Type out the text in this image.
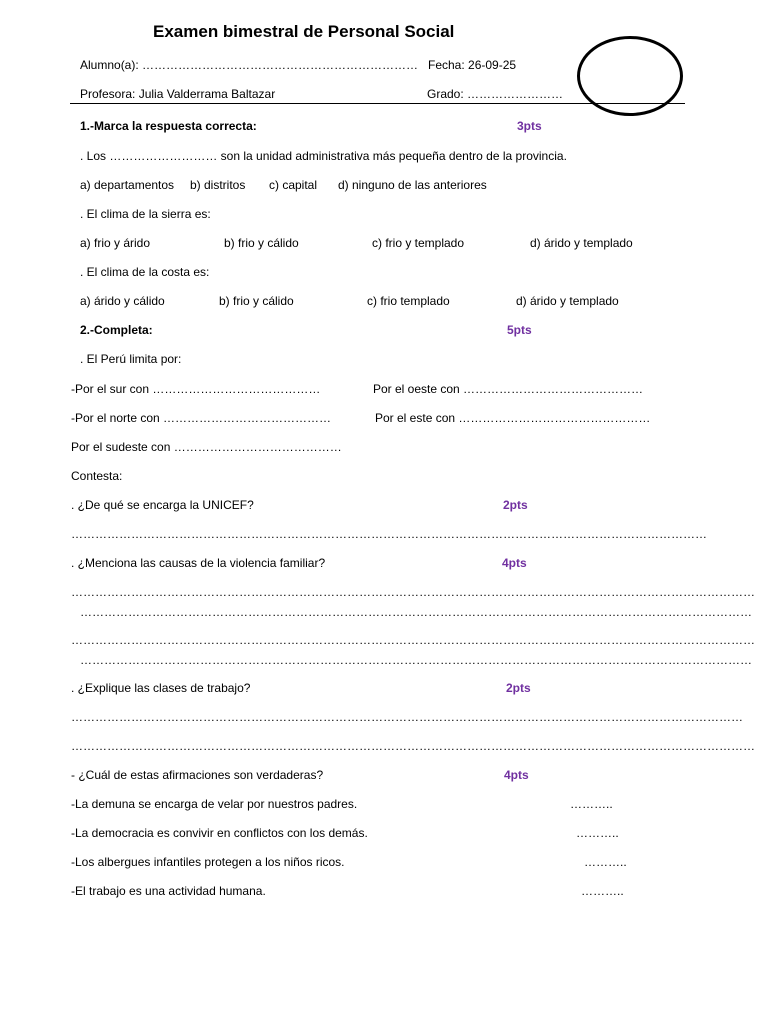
Examen bimestral de Personal Social
Alumno(a): …………………………………………………………… Fecha: 26-09-25
Profesora: Julia Valderrama Baltazar	Grado: ……………………
1.-Marca la respuesta correcta:	3pts
. Los ……………………… son la unidad administrativa más pequeña dentro de la provincia.
a) departamentos b) distritos c) capital d) ninguno de las anteriores
. El clima de la sierra es:
a) frio y árido	b) frio y cálido	c) frio y templado	d) árido y templado
. El clima de la costa es:
a) árido y cálido	b) frio y cálido	c) frio templado	d) árido y templado
2.-Completa:	5pts
. El Perú limita por:
-Por el sur con ……………………………………	Por el oeste con ………………………………………
-Por el norte con ……………………………………	Por el este con …………………………………………
Por el sudeste con ……………………………………
Contesta:
. ¿De qué se encarga la UNICEF?	2pts
……………………………………………………………………………………………………………………………………………
. ¿Menciona las causas de la violencia familiar?	4pts
………………………………………………………………………………………………………………………………………………………
……………………………………………………………………………………………………………………………………………………
………………………………………………………………………………………………………………………………………………………
……………………………………………………………………………………………………………………………………………………
. ¿Explique las clases de trabajo?	2pts
……………………………………………………………………………………………………………………………………………………
………………………………………………………………………………………………………………………………………………………
- ¿Cuál de estas afirmaciones son verdaderas?	4pts
-La demuna se encarga de velar por nuestros padres.	………..
-La democracia es convivir en conflictos con los demás.	………..
-Los albergues infantiles protegen a los niños ricos.	………..
-El trabajo es una actividad humana.	………..
